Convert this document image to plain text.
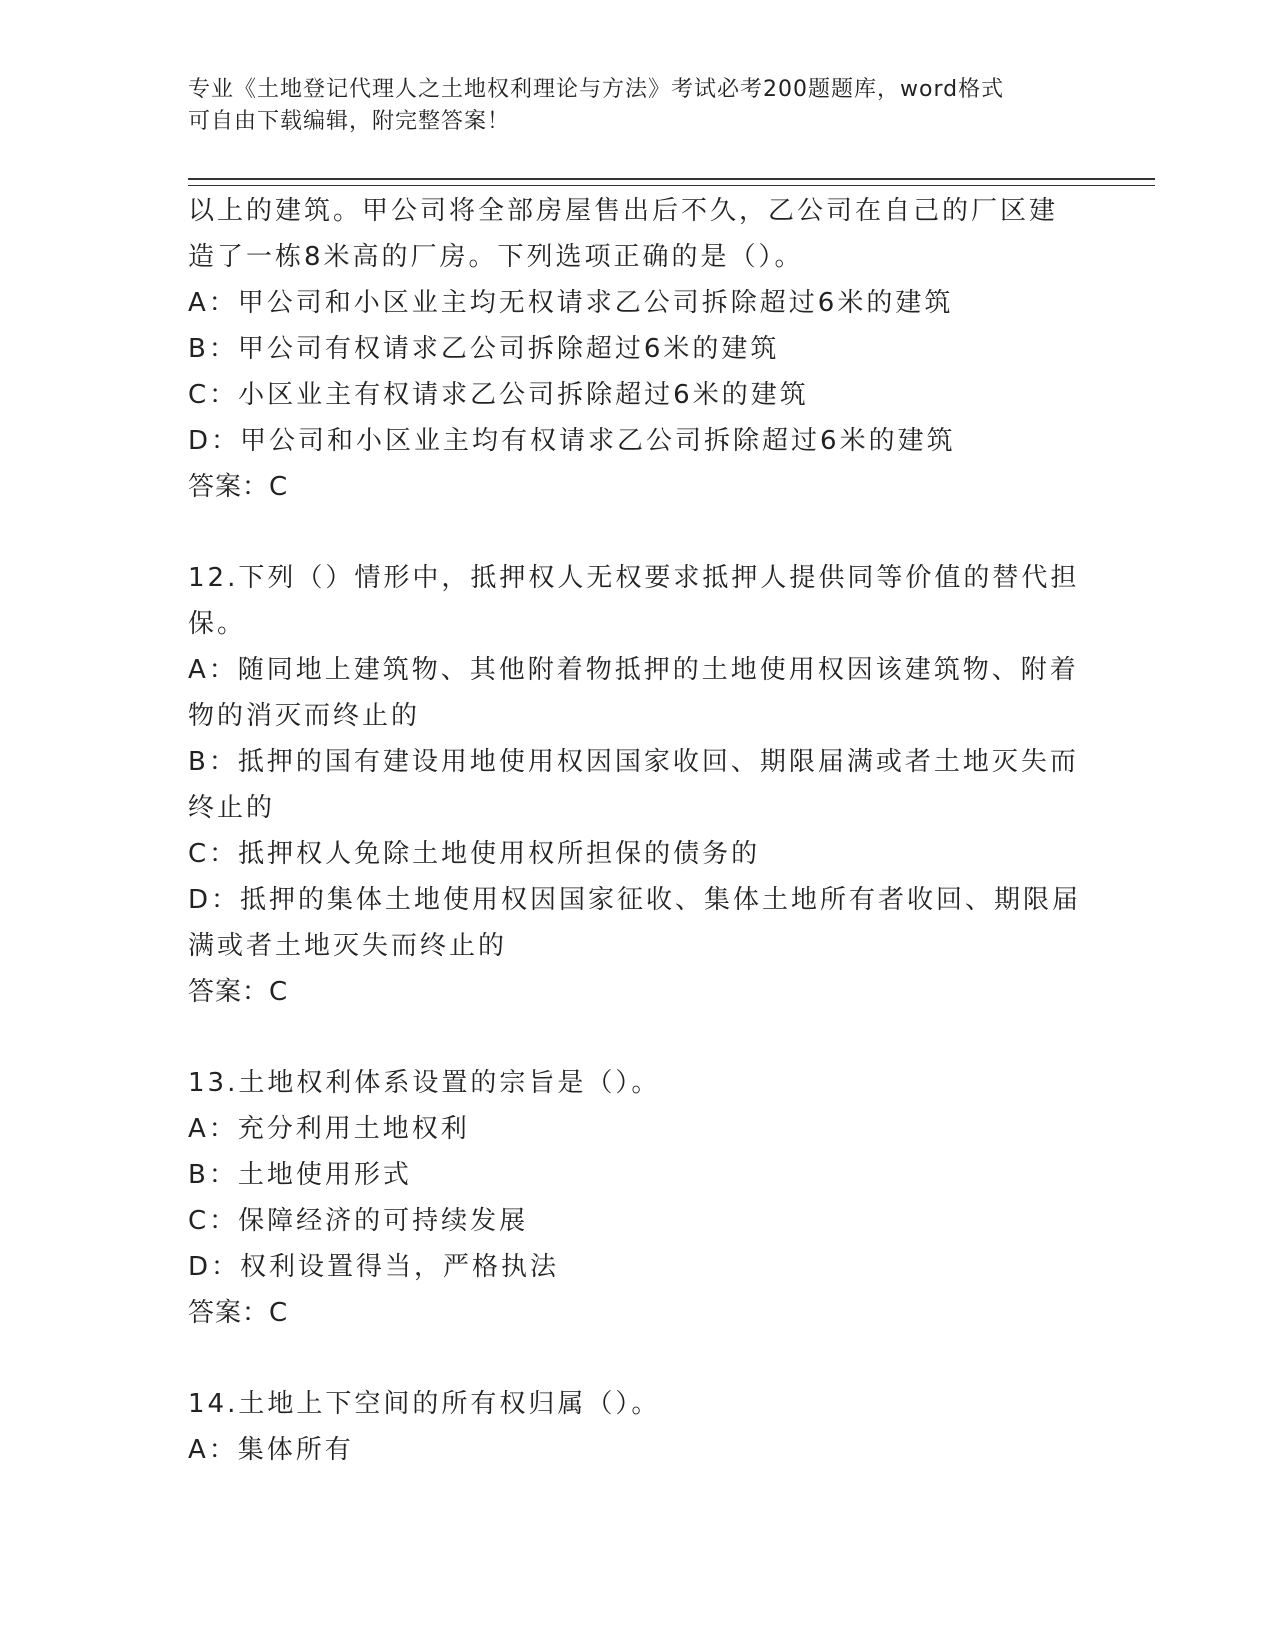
专业《土地登记代理人之土地权利理论与方法》考试必考200题题库，word格式
可自由下载编辑，附完整答案！
以上的建筑。甲公司将全部房屋售出后不久，乙公司在自己的厂区建
造了一栋8米高的厂房。下列选项正确的是（）。
A：甲公司和小区业主均无权请求乙公司拆除超过6米的建筑
B：甲公司有权请求乙公司拆除超过6米的建筑
C：小区业主有权请求乙公司拆除超过6米的建筑
D：甲公司和小区业主均有权请求乙公司拆除超过6米的建筑
答案：C
12.下列（）情形中，抵押权人无权要求抵押人提供同等价值的替代担
保。
A：随同地上建筑物、其他附着物抵押的土地使用权因该建筑物、附着
物的消灭而终止的
B：抵押的国有建设用地使用权因国家收回、期限届满或者土地灭失而
终止的
C：抵押权人免除土地使用权所担保的债务的
D：抵押的集体土地使用权因国家征收、集体土地所有者收回、期限届
满或者土地灭失而终止的
答案：C
13.土地权利体系设置的宗旨是（）。
A：充分利用土地权利
B：土地使用形式
C：保障经济的可持续发展
D：权利设置得当，严格执法
答案：C
14.土地上下空间的所有权归属（）。
A：集体所有
